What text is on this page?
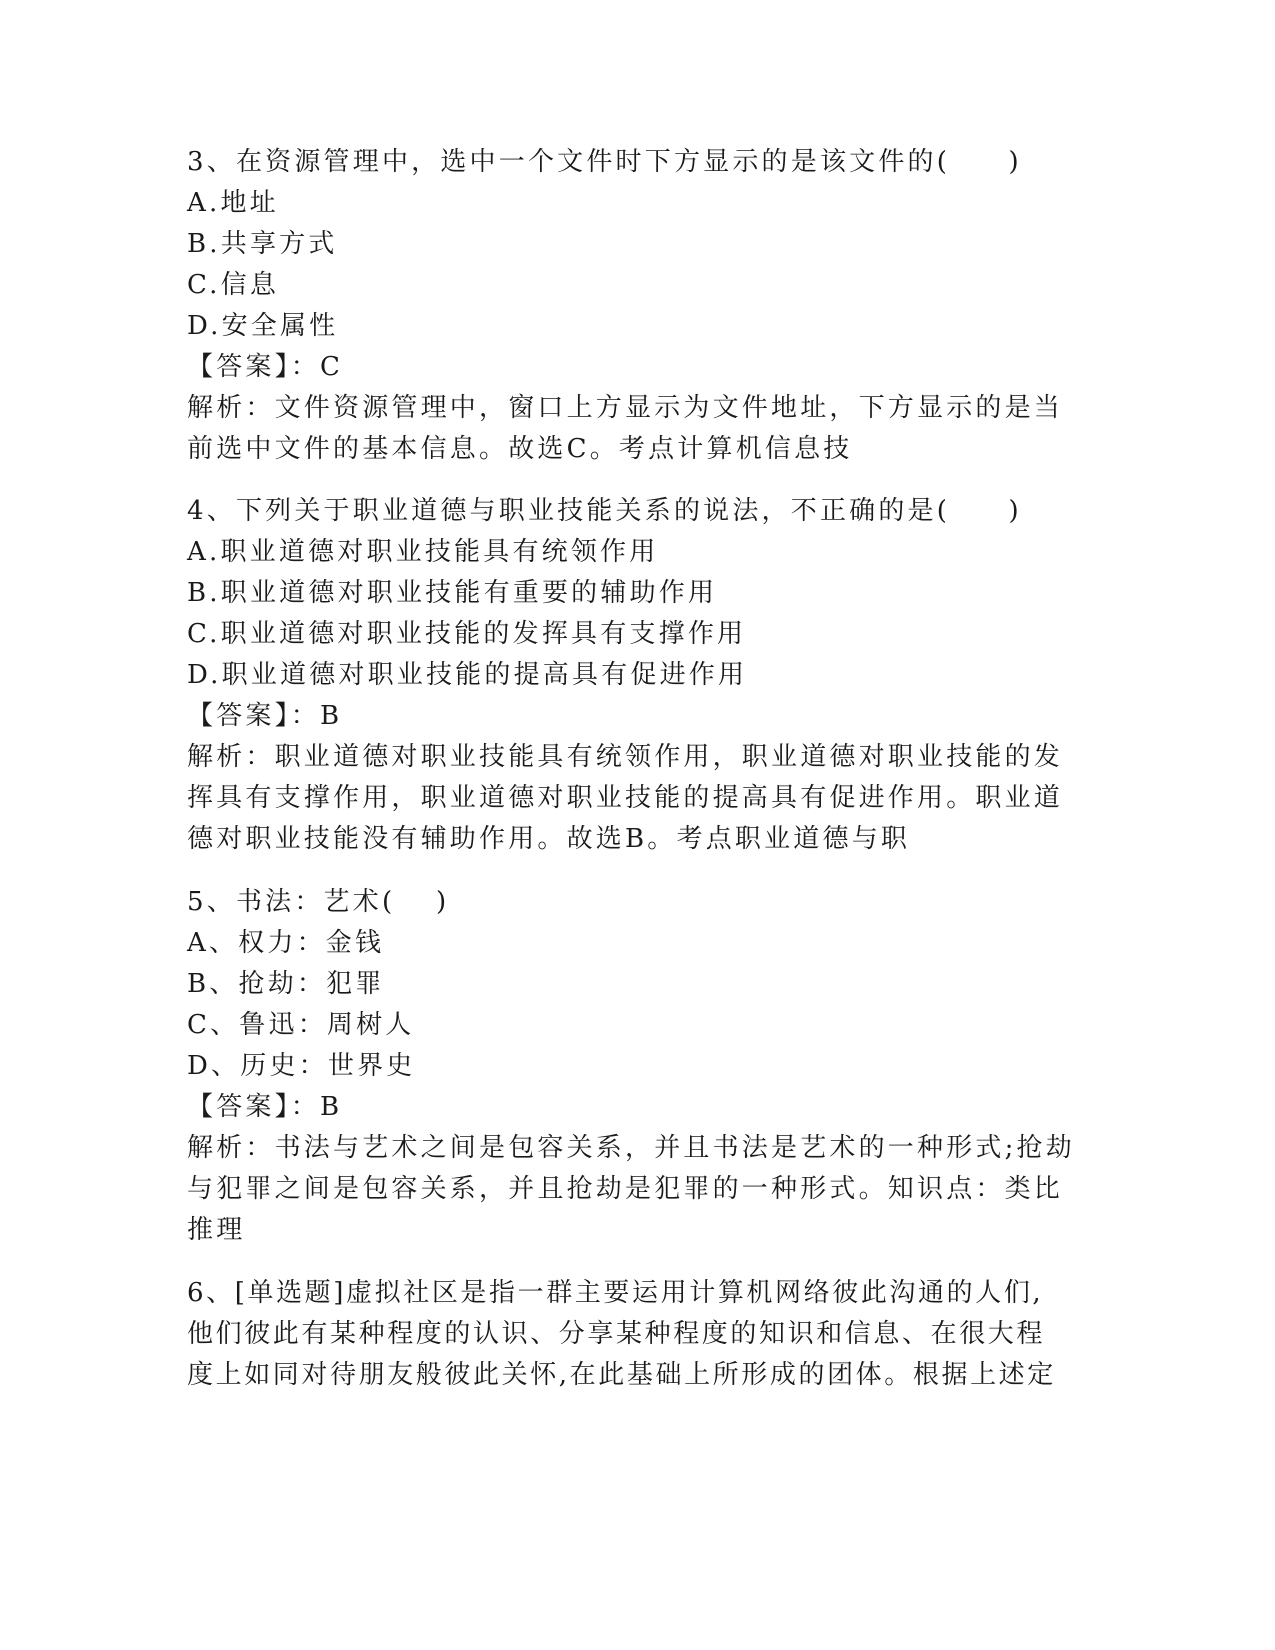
3、在资源管理中，选中一个文件时下方显示的是该文件的(　　)
A.地址
B.共享方式
C.信息
D.安全属性
【答案】：C
解析：文件资源管理中，窗口上方显示为文件地址，下方显示的是当
前选中文件的基本信息。故选C。考点计算机信息技
4、下列关于职业道德与职业技能关系的说法，不正确的是(　　)
A.职业道德对职业技能具有统领作用
B.职业道德对职业技能有重要的辅助作用
C.职业道德对职业技能的发挥具有支撑作用
D.职业道德对职业技能的提高具有促进作用
【答案】：B
解析：职业道德对职业技能具有统领作用，职业道德对职业技能的发
挥具有支撑作用，职业道德对职业技能的提高具有促进作用。职业道
德对职业技能没有辅助作用。故选B。考点职业道德与职
5、书法：艺术(　 )
A、权力：金钱
B、抢劫：犯罪
C、鲁迅：周树人
D、历史：世界史
【答案】：B
解析：书法与艺术之间是包容关系，并且书法是艺术的一种形式;抢劫
与犯罪之间是包容关系，并且抢劫是犯罪的一种形式。知识点：类比
推理
6、[单选题]虚拟社区是指一群主要运用计算机网络彼此沟通的人们,
他们彼此有某种程度的认识、分享某种程度的知识和信息、在很大程
度上如同对待朋友般彼此关怀,在此基础上所形成的团体。根据上述定
